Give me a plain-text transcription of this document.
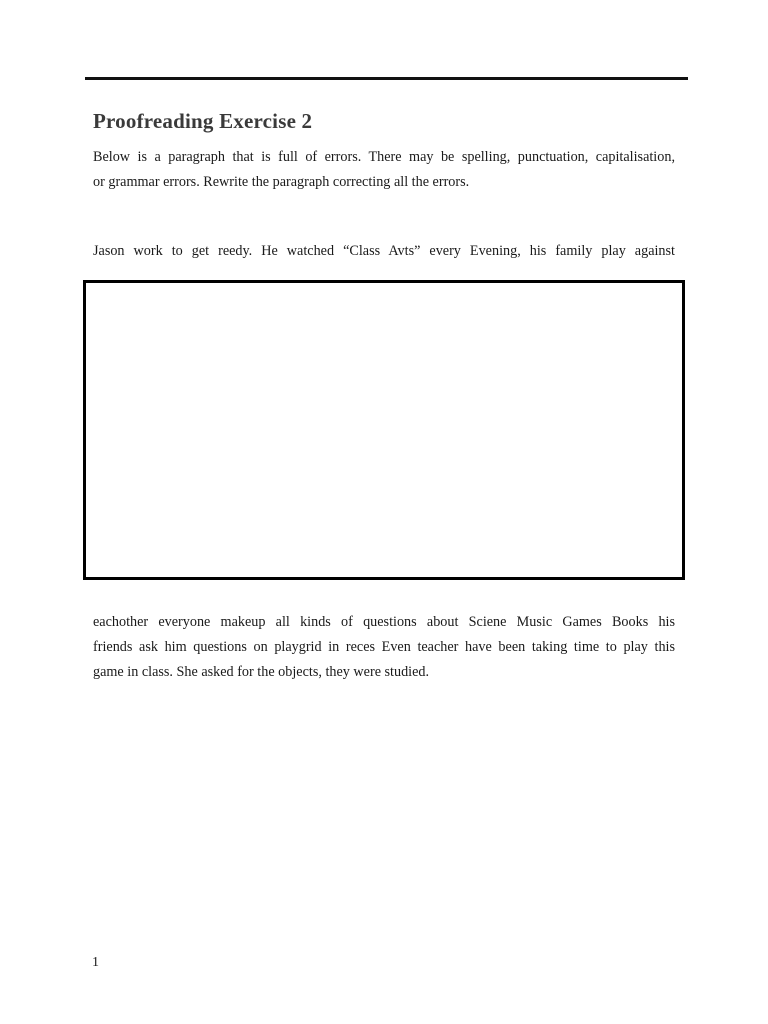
Proofreading Exercise 2
Below is a paragraph that is full of errors. There may be spelling, punctuation, capitalisation,
or grammar errors. Rewrite the paragraph correcting all the errors.
Jason work to get reedy. He watched “Class Avts” every Evening, his family play against
eachother everyone makeup all kinds of questions about Sciene Music Games Books his
friends ask him questions on playgrid in reces Even teacher have been taking time to play this
game in class. She asked for the objects, they were studied.
1
